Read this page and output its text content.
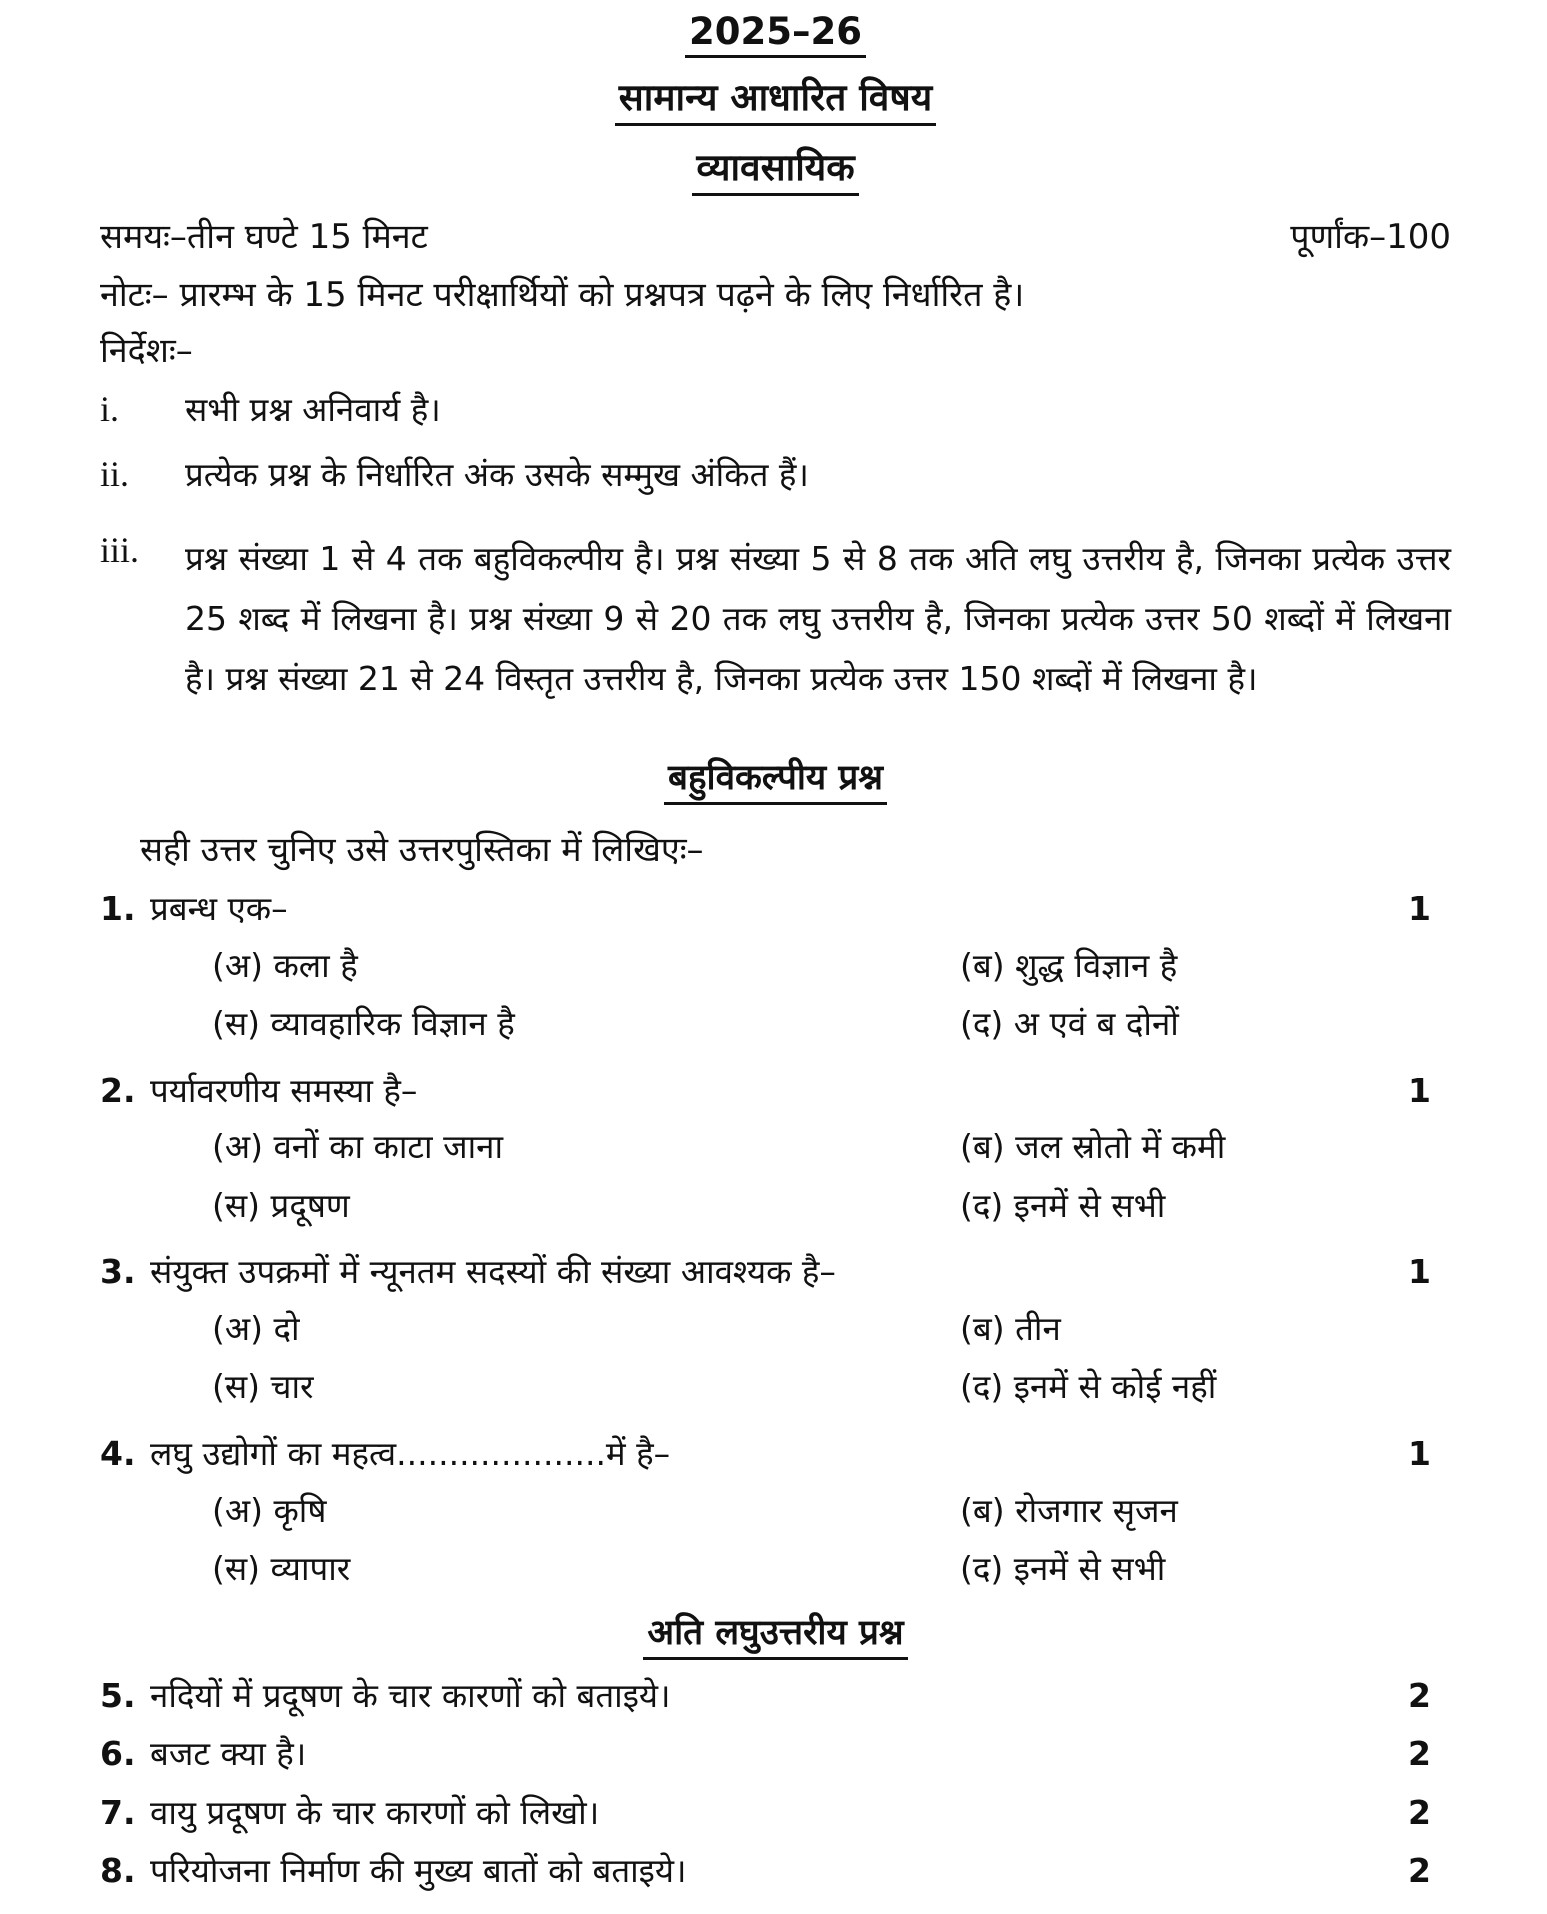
2025–26
सामान्य आधारित विषय
व्यावसायिक
समयः–तीन घण्टे 15 मिनट	पूर्णांक–100
नोटः– प्रारम्भ के 15 मिनट परीक्षार्थियों को प्रश्नपत्र पढ़ने के लिए निर्धारित है।
निर्देशः–
i.	सभी प्रश्न अनिवार्य है।
ii.	प्रत्येक प्रश्न के निर्धारित अंक उसके सम्मुख अंकित हैं।
iii.	प्रश्न संख्या 1 से 4 तक बहुविकल्पीय है। प्रश्न संख्या 5 से 8 तक अति लघु उत्तरीय है, जिनका प्रत्येक उत्तर 25 शब्द में लिखना है। प्रश्न संख्या 9 से 20 तक लघु उत्तरीय है, जिनका प्रत्येक उत्तर 50 शब्दों में लिखना है। प्रश्न संख्या 21 से 24 विस्तृत उत्तरीय है, जिनका प्रत्येक उत्तर 150 शब्दों में लिखना है।
बहुविकल्पीय प्रश्न
सही उत्तर चुनिए उसे उत्तरपुस्तिका में लिखिएः–
1. प्रबन्ध एक–	1
(अ) कला है	(ब) शुद्ध विज्ञान है
(स) व्यावहारिक विज्ञान है	(द) अ एवं ब दोनों
2. पर्यावरणीय समस्या है–	1
(अ) वनों का काटा जाना	(ब) जल स्रोतो में कमी
(स) प्रदूषण	(द) इनमें से सभी
3. संयुक्त उपक्रमों में न्यूनतम सदस्यों की संख्या आवश्यक है–	1
(अ) दो	(ब) तीन
(स) चार	(द) इनमें से कोई नहीं
4. लघु उद्योगों का महत्व....................में है–	1
(अ) कृषि	(ब) रोजगार सृजन
(स) व्यापार	(द) इनमें से सभी
अति लघुउत्तरीय प्रश्न
5. नदियों में प्रदूषण के चार कारणों को बताइये।	2
6. बजट क्या है।	2
7. वायु प्रदूषण के चार कारणों को लिखो।	2
8. परियोजना निर्माण की मुख्य बातों को बताइये।	2
